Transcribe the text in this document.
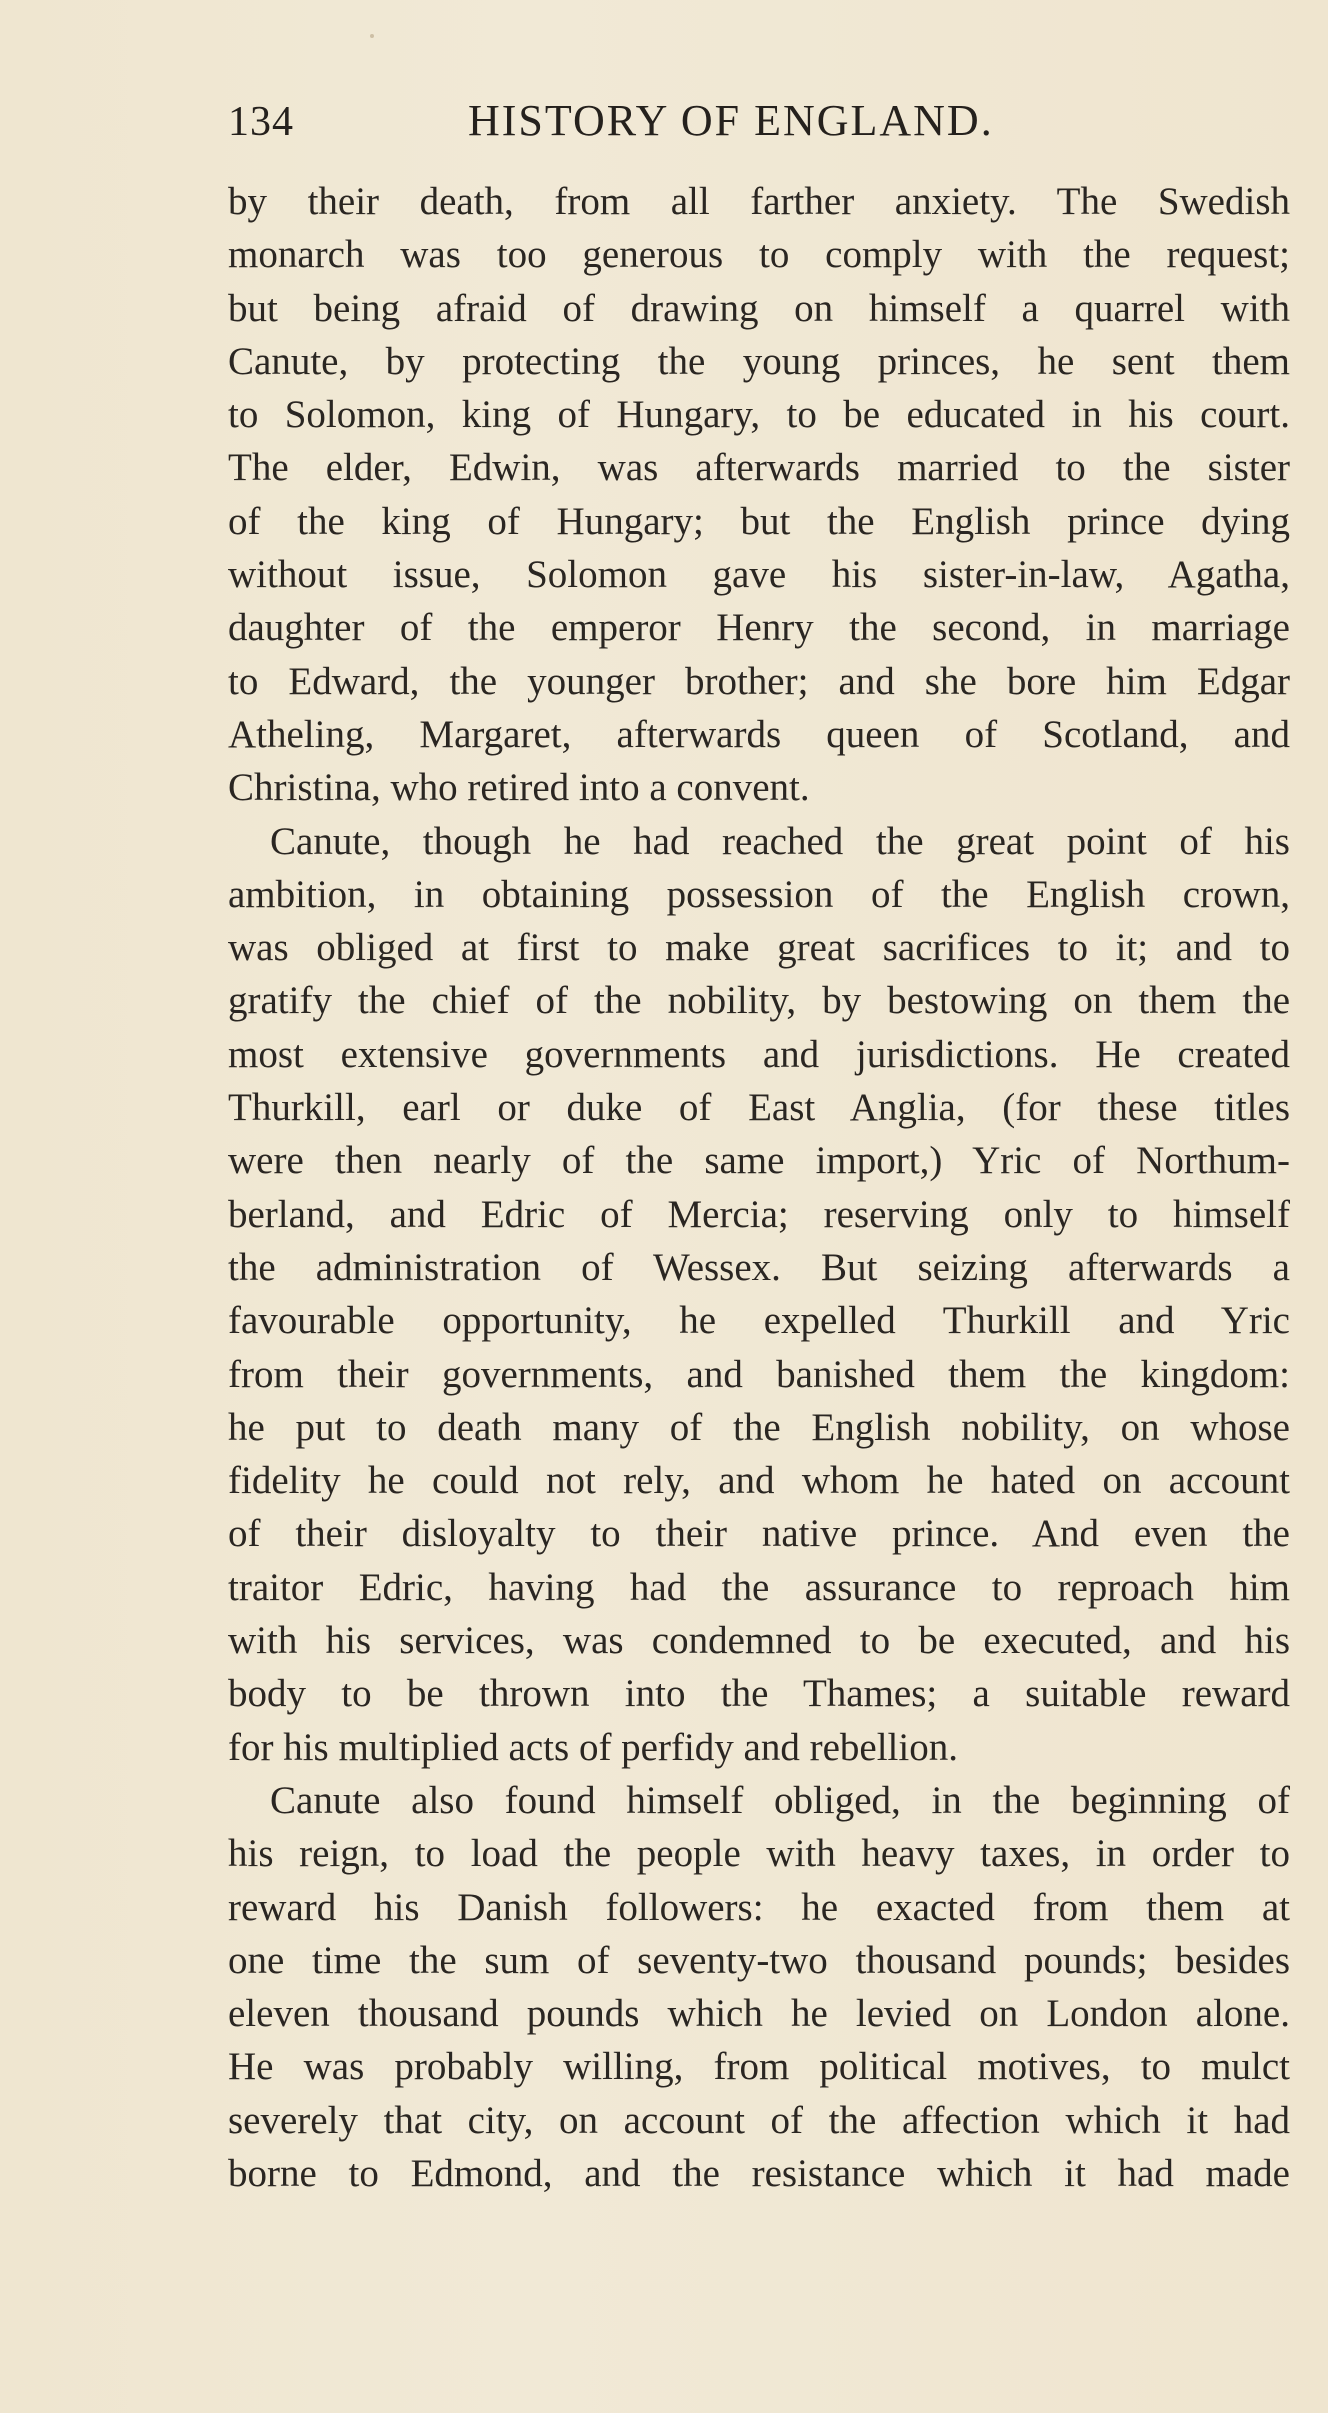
134	HISTORY OF ENGLAND.
by their death, from all farther anxiety. The Swedish
monarch was too generous to comply with the request;
but being afraid of drawing on himself a quarrel with
Canute, by protecting the young princes, he sent them
to Solomon, king of Hungary, to be educated in his court.
The elder, Edwin, was afterwards married to the sister
of the king of Hungary; but the English prince dying
without issue, Solomon gave his sister-in-law, Agatha,
daughter of the emperor Henry the second, in marriage
to Edward, the younger brother; and she bore him Edgar
Atheling, Margaret, afterwards queen of Scotland, and
Christina, who retired into a convent.
Canute, though he had reached the great point of his
ambition, in obtaining possession of the English crown,
was obliged at first to make great sacrifices to it; and to
gratify the chief of the nobility, by bestowing on them the
most extensive governments and jurisdictions. He created
Thurkill, earl or duke of East Anglia, (for these titles
were then nearly of the same import,) Yric of Northum-
berland, and Edric of Mercia; reserving only to himself
the administration of Wessex. But seizing afterwards a
favourable opportunity, he expelled Thurkill and Yric
from their governments, and banished them the kingdom:
he put to death many of the English nobility, on whose
fidelity he could not rely, and whom he hated on account
of their disloyalty to their native prince. And even the
traitor Edric, having had the assurance to reproach him
with his services, was condemned to be executed, and his
body to be thrown into the Thames; a suitable reward
for his multiplied acts of perfidy and rebellion.
Canute also found himself obliged, in the beginning of
his reign, to load the people with heavy taxes, in order to
reward his Danish followers: he exacted from them at
one time the sum of seventy-two thousand pounds; besides
eleven thousand pounds which he levied on London alone.
He was probably willing, from political motives, to mulct
severely that city, on account of the affection which it had
borne to Edmond, and the resistance which it had made
